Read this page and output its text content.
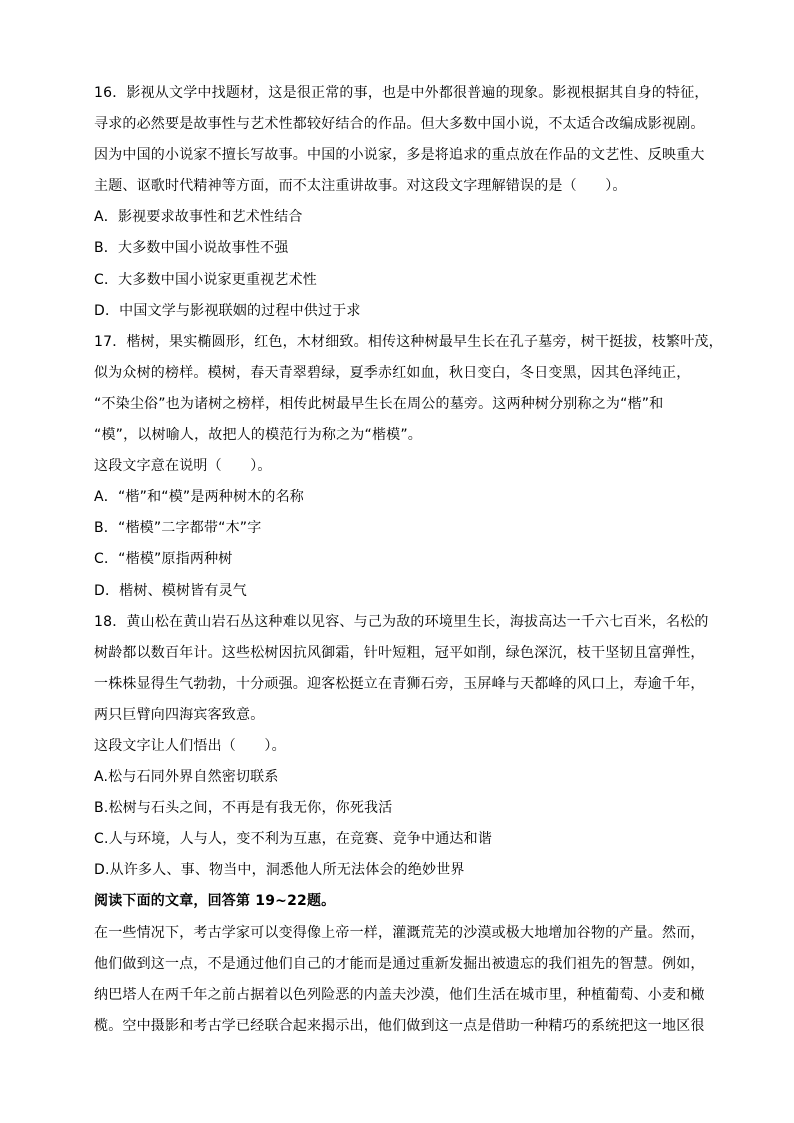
16．影视从文学中找题材，这是很正常的事，也是中外都很普遍的现象。影视根据其自身的特征，
寻求的必然要是故事性与艺术性都较好结合的作品。但大多数中国小说，不太适合改编成影视剧。
因为中国的小说家不擅长写故事。中国的小说家，多是将追求的重点放在作品的文艺性、反映重大
主题、讴歌时代精神等方面，而不太注重讲故事。对这段文字理解错误的是（　　）。
A．影视要求故事性和艺术性结合
B．大多数中国小说故事性不强
C．大多数中国小说家更重视艺术性
D．中国文学与影视联姻的过程中供过于求
17．楷树，果实椭圆形，红色，木材细致。相传这种树最早生长在孔子墓旁，树干挺拔，枝繁叶茂，
似为众树的榜样。模树，春天青翠碧绿，夏季赤红如血，秋日变白，冬日变黑，因其色泽纯正，
“不染尘俗”也为诸树之榜样，相传此树最早生长在周公的墓旁。这两种树分别称之为“楷”和
“模”，以树喻人，故把人的模范行为称之为“楷模”。
这段文字意在说明（　　）。
A．“楷”和“模”是两种树木的名称
B．“楷模”二字都带“木”字
C．“楷模”原指两种树
D．楷树、模树皆有灵气
18．黄山松在黄山岩石丛这种难以见容、与己为敌的环境里生长，海拔高达一千六七百米，名松的
树龄都以数百年计。这些松树因抗风御霜，针叶短粗，冠平如削，绿色深沉，枝干坚韧且富弹性，
一株株显得生气勃勃，十分顽强。迎客松挺立在青狮石旁，玉屏峰与天都峰的风口上，寿逾千年，
两只巨臂向四海宾客致意。
这段文字让人们悟出（　　）。
A.松与石同外界自然密切联系
B.松树与石头之间，不再是有我无你，你死我活
C.人与环境，人与人，变不利为互惠，在竞赛、竞争中通达和谐
D.从许多人、事、物当中，洞悉他人所无法体会的绝妙世界
阅读下面的文章，回答第 19~22题。
在一些情况下，考古学家可以变得像上帝一样，灌溉荒芜的沙漠或极大地增加谷物的产量。然而，
他们做到这一点，不是通过他们自己的才能而是通过重新发掘出被遗忘的我们祖先的智慧。例如，
纳巴塔人在两千年之前占据着以色列险恶的内盖夫沙漠，他们生活在城市里，种植葡萄、小麦和橄
榄。空中摄影和考古学已经联合起来揭示出，他们做到这一点是借助一种精巧的系统把这一地区很
